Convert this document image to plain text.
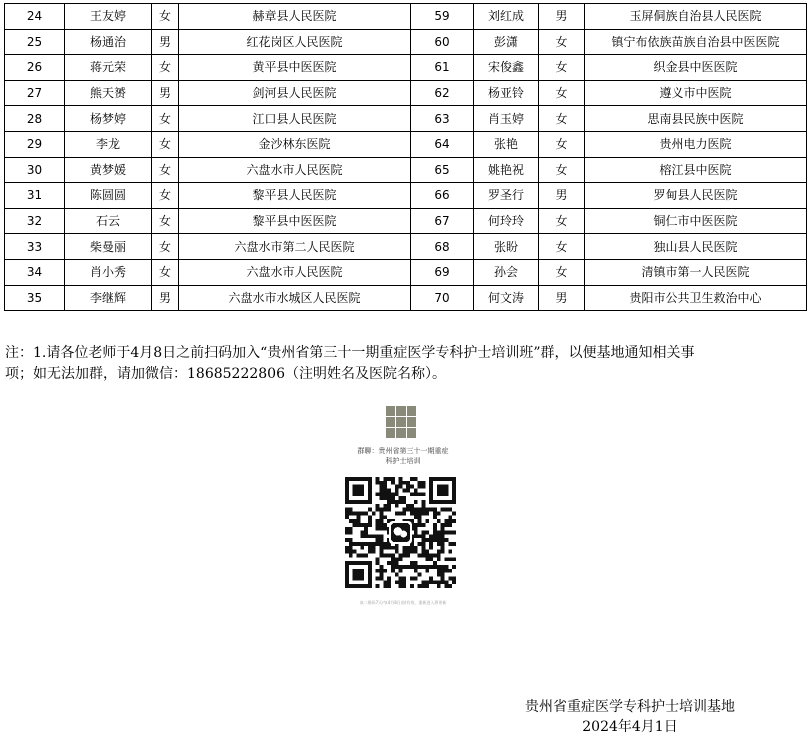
24	王友婷	女	赫章县人民医院	59	刘红成	男	玉屏侗族自治县人民医院
25	杨通治	男	红花岗区人民医院	60	彭潇	女	镇宁布依族苗族自治县中医医院
26	蒋元荣	女	黄平县中医医院	61	宋俊鑫	女	织金县中医医院
27	熊天赟	男	剑河县人民医院	62	杨亚铃	女	遵义市中医院
28	杨梦婷	女	江口县人民医院	63	肖玉婷	女	思南县民族中医院
29	李龙	女	金沙林东医院	64	张艳	女	贵州电力医院
30	黄梦媛	女	六盘水市人民医院	65	姚艳祝	女	榕江县中医院
31	陈圆圆	女	黎平县人民医院	66	罗圣行	男	罗甸县人民医院
32	石云	女	黎平县中医医院	67	何玲玲	女	铜仁市中医医院
33	柴曼丽	女	六盘水市第二人民医院	68	张盼	女	独山县人民医院
34	肖小秀	女	六盘水市人民医院	69	孙会	女	清镇市第一人民医院
35	李继辉	男	六盘水市水城区人民医院	70	何文涛	男	贵阳市公共卫生救治中心
注：1.请各位老师于4月8日之前扫码加入“贵州省第三十一期重症医学专科护士培训班”群，以便基地通知相关事
项；如无法加群，请加微信：18685222806（注明姓名及医院名称）。
群聊：贵州省第三十一期重症
科护士培训
该二维码7天内(4月8日前)有效，重新进入将更新
贵州省重症医学专科护士培训基地
2024年4月1日
